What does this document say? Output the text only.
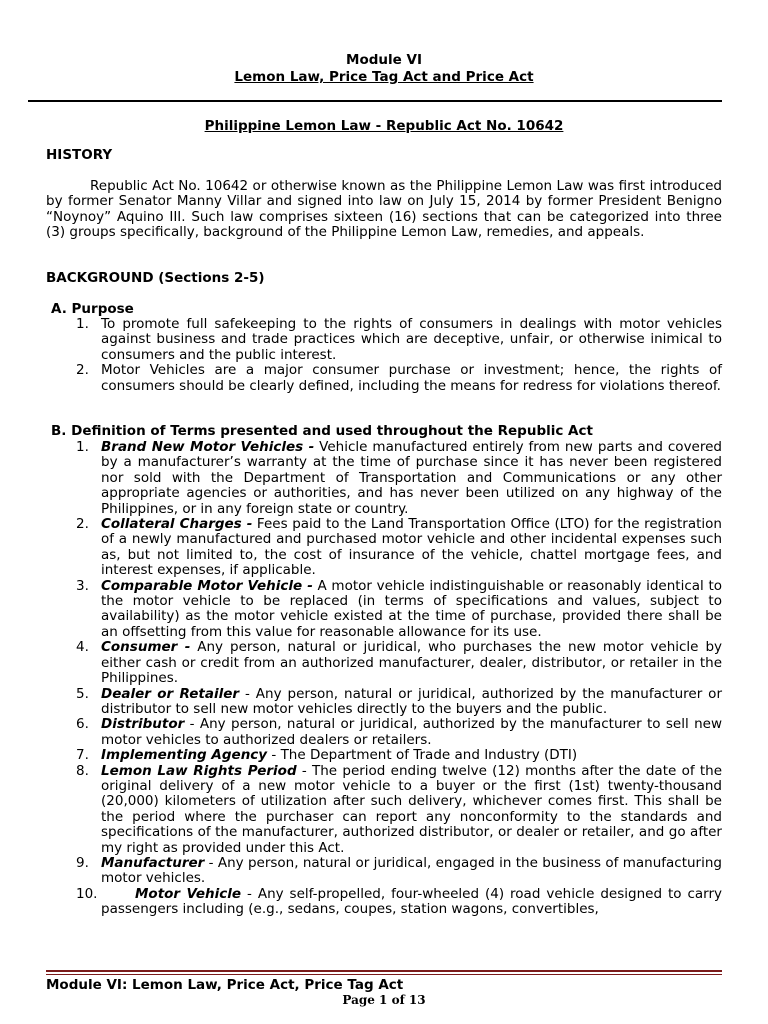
Module VI
Lemon Law, Price Tag Act and Price Act
Philippine Lemon Law - Republic Act No. 10642
HISTORY
Republic Act No. 10642 or otherwise known as the Philippine Lemon Law was first introduced by former Senator Manny Villar and signed into law on July 15, 2014 by former President Benigno “Noynoy” Aquino III. Such law comprises sixteen (16) sections that can be categorized into three (3) groups specifically, background of the Philippine Lemon Law, remedies, and appeals.
BACKGROUND (Sections 2-5)
A. Purpose
1. To promote full safekeeping to the rights of consumers in dealings with motor vehicles against business and trade practices which are deceptive, unfair, or otherwise inimical to consumers and the public interest.
2. Motor Vehicles are a major consumer purchase or investment; hence, the rights of consumers should be clearly defined, including the means for redress for violations thereof.
B. Definition of Terms presented and used throughout the Republic Act
1. Brand New Motor Vehicles - Vehicle manufactured entirely from new parts and covered by a manufacturer’s warranty at the time of purchase since it has never been registered nor sold with the Department of Transportation and Communications or any other appropriate agencies or authorities, and has never been utilized on any highway of the Philippines, or in any foreign state or country.
2. Collateral Charges - Fees paid to the Land Transportation Office (LTO) for the registration of a newly manufactured and purchased motor vehicle and other incidental expenses such as, but not limited to, the cost of insurance of the vehicle, chattel mortgage fees, and interest expenses, if applicable.
3. Comparable Motor Vehicle - A motor vehicle indistinguishable or reasonably identical to the motor vehicle to be replaced (in terms of specifications and values, subject to availability) as the motor vehicle existed at the time of purchase, provided there shall be an offsetting from this value for reasonable allowance for its use.
4. Consumer - Any person, natural or juridical, who purchases the new motor vehicle by either cash or credit from an authorized manufacturer, dealer, distributor, or retailer in the Philippines.
5. Dealer or Retailer - Any person, natural or juridical, authorized by the manufacturer or distributor to sell new motor vehicles directly to the buyers and the public.
6. Distributor - Any person, natural or juridical, authorized by the manufacturer to sell new motor vehicles to authorized dealers or retailers.
7. Implementing Agency - The Department of Trade and Industry (DTI)
8. Lemon Law Rights Period - The period ending twelve (12) months after the date of the original delivery of a new motor vehicle to a buyer or the first (1st) twenty-thousand (20,000) kilometers of utilization after such delivery, whichever comes first. This shall be the period where the purchaser can report any nonconformity to the standards and specifications of the manufacturer, authorized distributor, or dealer or retailer, and go after my right as provided under this Act.
9. Manufacturer - Any person, natural or juridical, engaged in the business of manufacturing motor vehicles.
10.	Motor Vehicle - Any self-propelled, four-wheeled (4) road vehicle designed to carry passengers including (e.g., sedans, coupes, station wagons, convertibles,
Module VI: Lemon Law, Price Act, Price Tag Act
Page 1 of 13
